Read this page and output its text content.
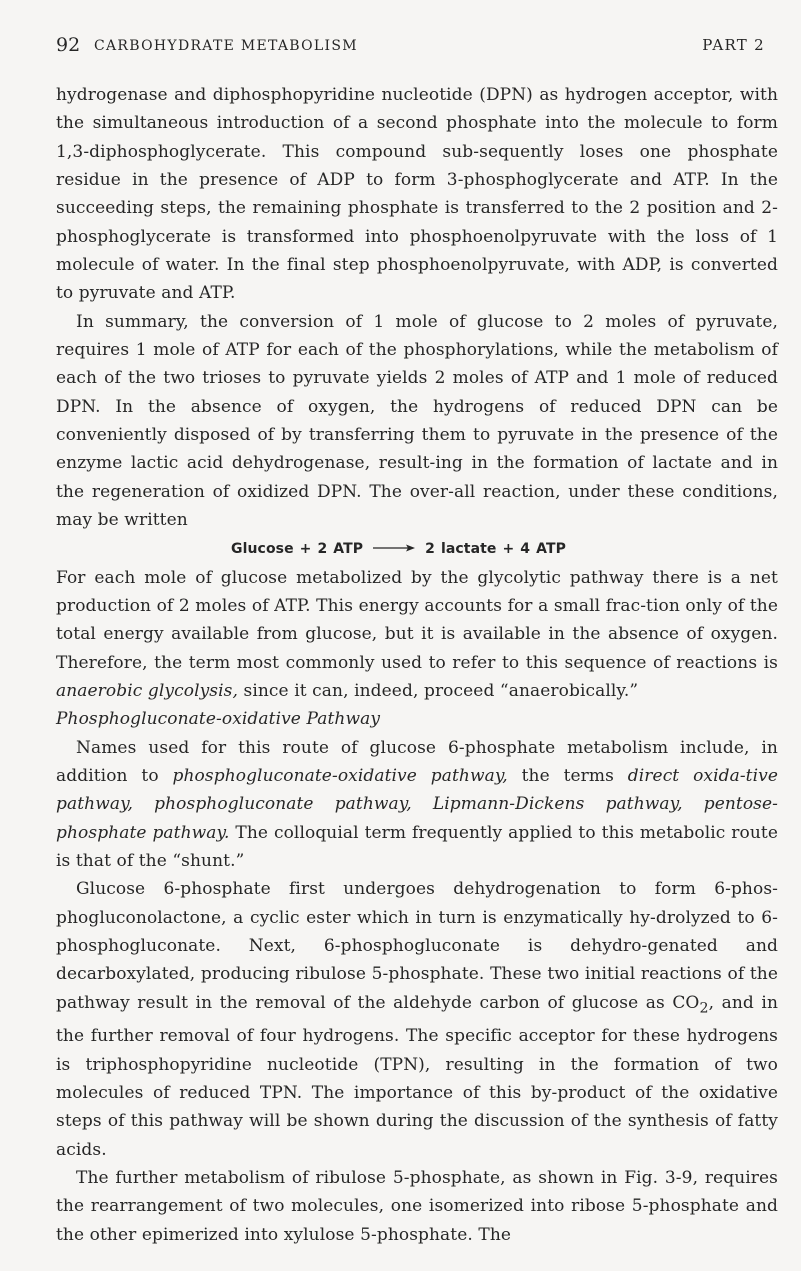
92 CARBOHYDRATE METABOLISM	PART 2

hydrogenase and diphosphopyridine nucleotide (DPN) as hydrogen acceptor, with the simultaneous introduction of a second phosphate into the molecule to form 1,3-diphosphoglycerate. This compound sub-sequently loses one phosphate residue in the presence of ADP to form 3-phosphoglycerate and ATP. In the succeeding steps, the remaining phosphate is transferred to the 2 position and 2-phosphoglycerate is transformed into phosphoenolpyruvate with the loss of 1 molecule of water. In the final step phosphoenolpyruvate, with ADP, is converted to pyruvate and ATP.

In summary, the conversion of 1 mole of glucose to 2 moles of pyruvate, requires 1 mole of ATP for each of the phosphorylations, while the metabolism of each of the two trioses to pyruvate yields 2 moles of ATP and 1 mole of reduced DPN. In the absence of oxygen, the hydrogens of reduced DPN can be conveniently disposed of by transferring them to pyruvate in the presence of the enzyme lactic acid dehydrogenase, result-ing in the formation of lactate and in the regeneration of oxidized DPN. The over-all reaction, under these conditions, may be written

Glucose + 2 ATP	2 lactate + 4 ATP

For each mole of glucose metabolized by the glycolytic pathway there is a net production of 2 moles of ATP. This energy accounts for a small frac-tion only of the total energy available from glucose, but it is available in the absence of oxygen. Therefore, the term most commonly used to refer to this sequence of reactions is anaerobic glycolysis, since it can, indeed, proceed “anaerobically.”

Phosphogluconate-oxidative Pathway

Names used for this route of glucose 6-phosphate metabolism include, in addition to phosphogluconate-oxidative pathway, the terms direct oxida-tive pathway, phosphogluconate pathway, Lipmann-Dickens pathway, pentose-phosphate pathway. The colloquial term frequently applied to this metabolic route is that of the “shunt.”

Glucose 6-phosphate first undergoes dehydrogenation to form 6-phos-phogluconolactone, a cyclic ester which in turn is enzymatically hy-drolyzed to 6-phosphogluconate. Next, 6-phosphogluconate is dehydro-genated and decarboxylated, producing ribulose 5-phosphate. These two initial reactions of the pathway result in the removal of the aldehyde carbon of glucose as $CO_2$, and in the further removal of four hydrogens. The specific acceptor for these hydrogens is triphosphopyridine nucleotide (TPN), resulting in the formation of two molecules of reduced TPN. The importance of this by-product of the oxidative steps of this pathway will be shown during the discussion of the synthesis of fatty acids.

The further metabolism of ribulose 5-phosphate, as shown in Fig. 3-9, requires the rearrangement of two molecules, one isomerized into ribose 5-phosphate and the other epimerized into xylulose 5-phosphate. The
